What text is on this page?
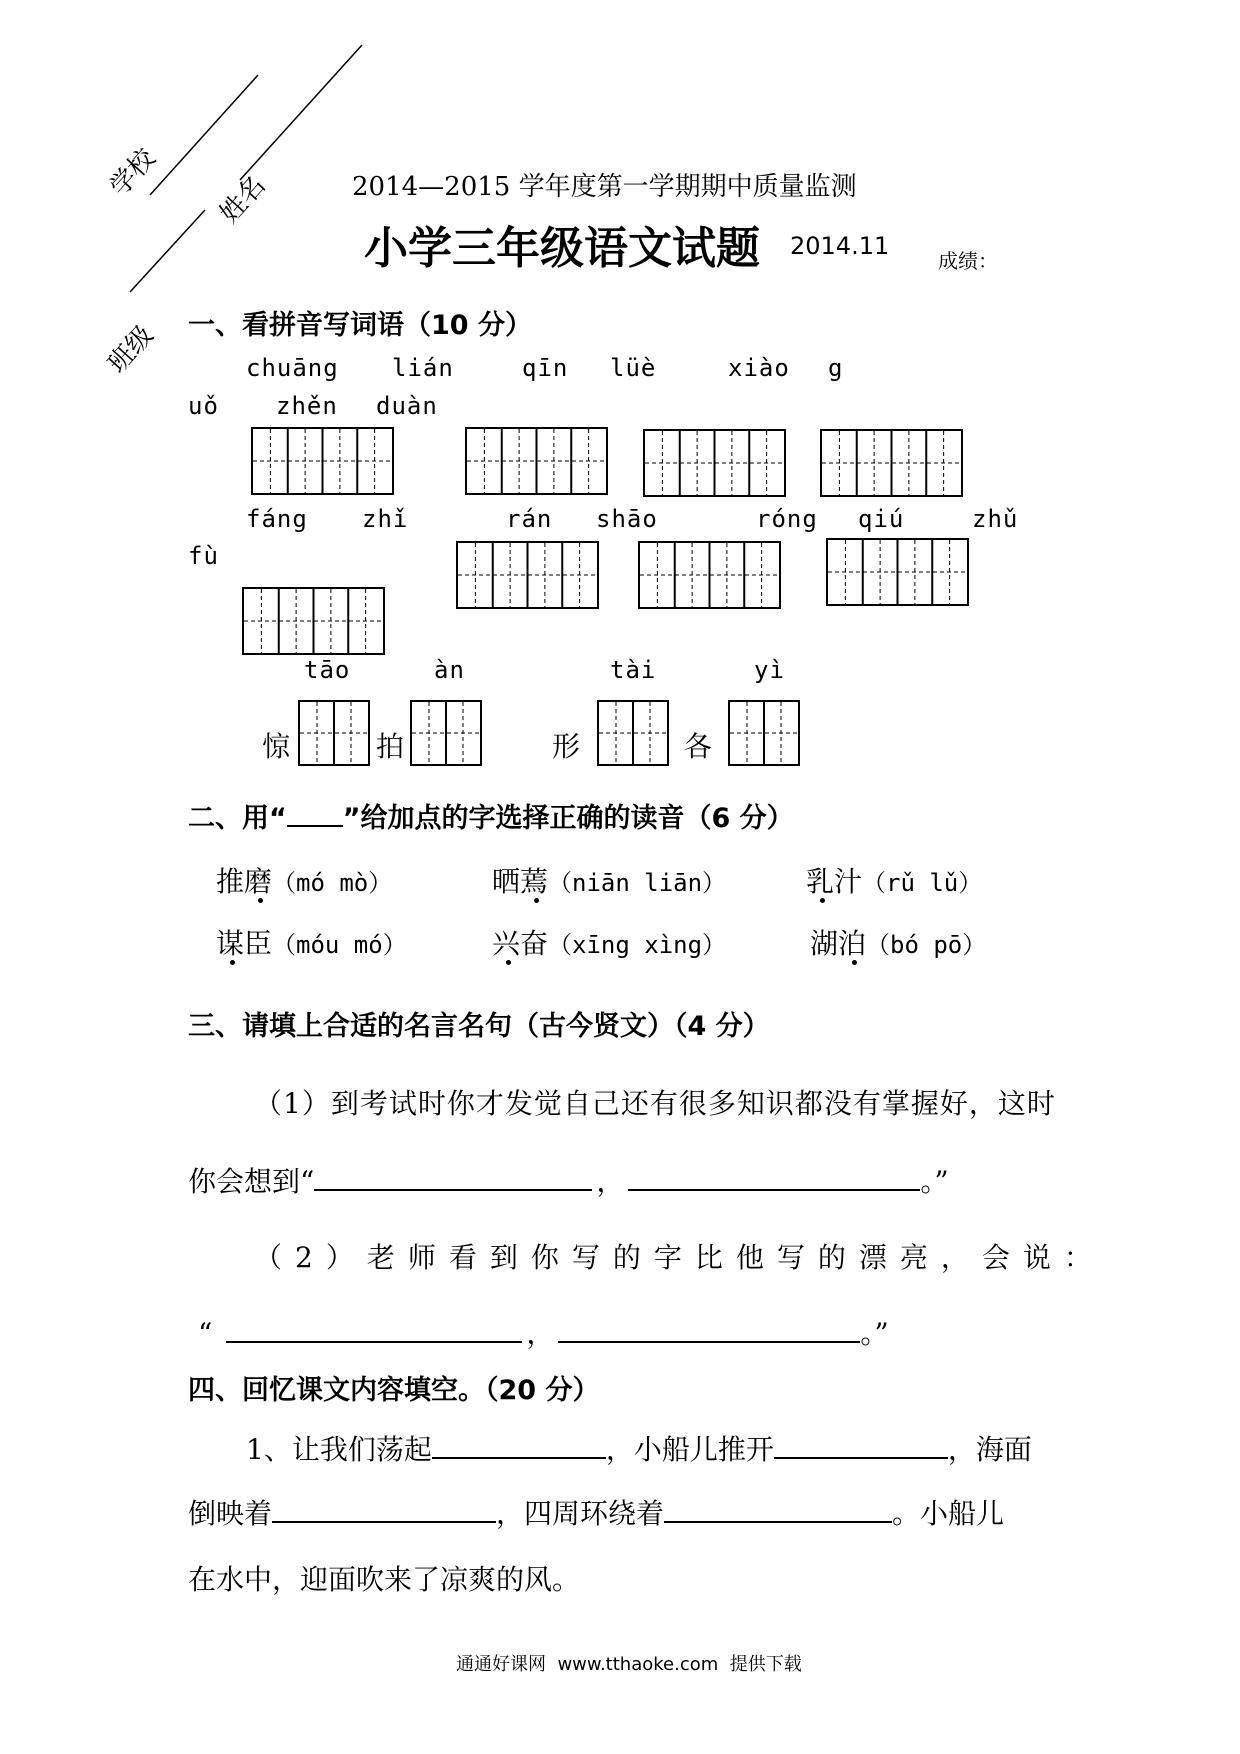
学校 姓名
班级
2014—2015 学年度第一学期期中质量监测
小学三年级语文试题 2014.11
成绩：
一、看拼音写词语（10 分）
chuāng lián	qīn lüè	xiào g
uǒ zhěn duàn
fáng zhǐ	rán shāo	róng qiú	zhǔ
fù
tāo	àn	tài	yì
惊	拍	形	各
二、用“ ”给加点的字选择正确的读音（6 分）
推磨（mó mò）	晒蔫（niān liān）	乳汁（rǔ lǔ）
谋臣（móu mó）	兴奋（xīng xìng）	湖泊（bó pō）
三、请填上合适的名言名句（古今贤文）（4 分）
（1）到考试时你才发觉自己还有很多知识都没有掌握好，这时
你会想到“	，	。”
（2）老师看到你写的字比他写的漂亮，会说：
“	，	。”
四、回忆课文内容填空。（20 分）
1、让我们荡起	，小船儿推开	，海面
倒映着	，四周环绕着	。小船儿
在水中，迎面吹来了凉爽的风。
通通好课网  www.tthaoke.com  提供下载
